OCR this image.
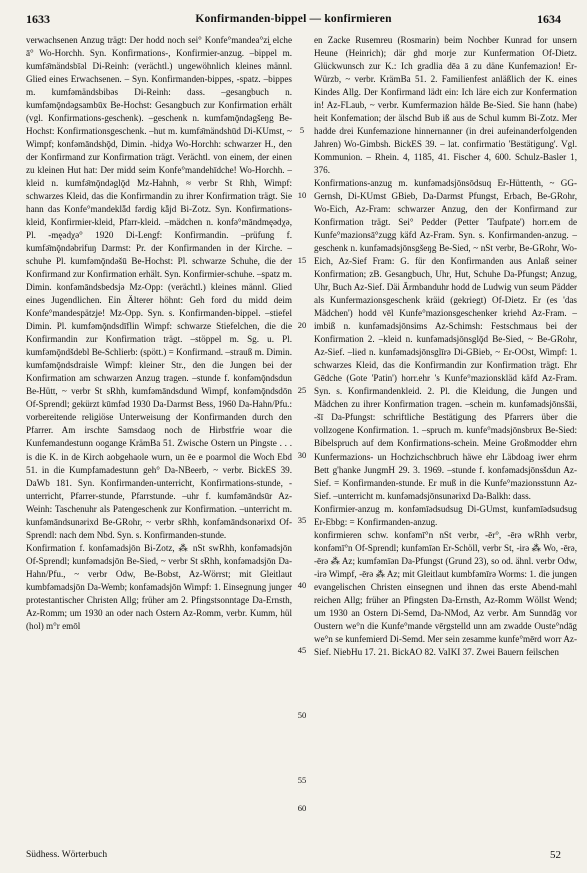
1633	Konfirmanden-bippel — konfirmieren	1634

verwachsenen Anzug trägt: Der hodd noch sei° Konfe°mandea°zi̮ elche ā° Wo-Horchh. Syn. Konfirmations-, Konfirmier-anzug. –bippel m. kumfə̄mändsbīəl Di-Reinh: (verächtl.) ungewöhnlich kleines männl. Glied eines Erwachsenen. – Syn. Konfirmanden-bippes, -spatz. –bippes m. kumfəmändsbibəs Di-Reinh: dass. –gesangbuch n. kumfəmǭndəgsambūx Be-Hochst: Gesangbuch zur Konfirmation erhält (vgl. Konfirmations-geschenk). –geschenk n. kumfəmǭndəgšeŋg Be-Hochst: Konfirmationsgeschenk. –hut m. kumfə̄mändshūd Di-KUmst, ~ Wimpf; konfəmāndshǭd, Dimin. -hidχə Wo-Horchh: schwarzer H., den der Konfirmand zur Konfirmation trägt. Verächtl. von einem, der einen zu kleinen Hut hat: Der midd seim Konfe°mandehīdche! Wo-Horchh. –kleid n. kumfə̄mǭndəglǭd Mz-Hahnh, ≈ verbr St Rhh, Wimpf: schwarzes Kleid, das die Konfirmandin zu ihrer Konfirmation trägt. Sie hann das Konfe°mandeklǟd fərdig kǟjd Bi-Zotz. Syn. Konfirmations-kleid, Konfirmier-kleid, Pfarr-kleid. –mädchen n. konfə°māndmęədχə, Pl. -męədχə° 1920 Di-Lengf: Konfirmandin. –prüfung f. kumfə̄mǭndəbrifuŋ Darmst: Pr. der Konfirmanden in der Kirche. –schuhe Pl. kumfəmǭndəšū Be-Hochst: Pl. schwarze Schuhe, die der Konfirmand zur Konfirmation erhält. Syn. Konfirmier-schuhe. –spatz m. Dimin. konfəmāndsbedsjə Mz-Opp: (verächtl.) kleines männl. Glied eines Jugendlichen. Ein Älterer höhnt: Geh ford du midd deim Konfe°mandespätzje! Mz-Opp. Syn. s. Konfirmanden-bippel. –stiefel Dimin. Pl. kumfəmǭndsdīflin Wimpf: schwarze Stiefelchen, die die Konfirmandin zur Konfirmation trägt. –stöppel m. Sg. u. Pl. kumfəmǭndšdebl Be-Schlierb: (spött.) = Konfirmand. –strauß m. Dimin. kumfəmǭndsdraisle Wimpf: kleiner Str., den die Jungen bei der Konfirmation am schwarzen Anzug tragen. –stunde f. konfəmǭndsdun Be-Hütt, ~ verbr St sRhh, kumfəmāndsdund Wimpf, konfəmǭndsdōn Of-Sprendl; gekürzt kūmfəd 1930 Da-Darmst Bess, 1960 Da-Hahn/Pfu.: vorbereitende religiöse Unterweisung der Konfirmanden durch den Pfarrer. Am irschte Samsdaog noch de Hirbstfrie woar die Kunfemandestunn oogange KrämBa 51. Zwische Ostern un Pingste . . . is die K. in de Kirch aobgehaole wurn, un ēe e poarmol die Woch Ebd 51. in die Kumpfamadestunn geh° Da-NBeerb, ~ verbr. BickES 39. DaWb 181. Syn. Konfirmanden-unterricht, Konfirmations-stunde, -unterricht, Pfarrer-stunde, Pfarrstunde. –uhr f. kumfəmāndsūr Az-Weinh: Taschenuhr als Patengeschenk zur Konfirmation. –unterricht m. kunfəmāndsunərixd Be-GRohr, ~ verbr sRhh, konfəmāndsonərixd Of-Sprendl: nach dem Nbd. Syn. s. Konfirmanden-stunde.

Konfirmation f. konfəmadsjōn Bi-Zotz, ⁂ nSt swRhh, konfəmadsjōn Of-Sprendl; kunfəmadsjōn Be-Sied, ~ verbr St sRhh, konfəmadsjōn Da-Hahn/Pfu., ~ verbr Odw, Be-Bobst, Az-Wörrst; mit Gleitlaut kumbfəmadsjōn Da-Wemb; konfəmadsjōn Wimpf: 1. Einsegnung junger protestantischer Christen Allg; früher am 2. Pfingstsonntage Da-Ernsth, Az-Romm; um 1930 an oder nach Ostern Az-Romm, verbr. Kumm, hül (hol) m°r emōl

5
10
15
20
25
30
35
40
45
50
55
60

en Zacke Rusemreu (Rosmarin) beim Nochber Kunrad for unsern Heune (Heinrich); där ghd morje zur Kunfermation Of-Dietz. Glückwunsch zur K.: Ich gradlia dēa ā zu däne Kunfemazion! Er-Würzb, ~ verbr. KrämBa 51. 2. Familienfest anläßlich der K. eines Kindes Allg. Der Konfirmand lädt ein: Ich läre eich zur Konfermation in! Az-FLaub, ~ verbr. Kumfermazion hälde Be-Sied. Sie hann (habe) heit Konfemation; der älschd Bub iß aus de Schul kumm Bi-Zotz. Mer hadde drei Kunfemazione hinnernanner (in drei aufeinanderfolgenden Jahren) Wo-Gimbsh. BickES 39. – lat. confirmatio 'Bestätigung'. Vgl. Kommunion. – Rhein. 4, 1185, 41. Fischer 4, 600. Schulz-Basler 1, 376.

Konfirmations-anzug m. kunfəmadsjōnsōdsuq Er-Hüttenth, ~ GG-Gernsh, Di-KUmst GBieb, Da-Darmst Pfungst, Erbach, Be-GRohr, Wo-Eich, Az-Fram: schwarzer Anzug, den der Konfirmand zur Konfirmation trägt. Sei° Pedder (Petter 'Taufpate') horr.em de Kunfe°mazionsā°zugg käfd Az-Fram. Syn. s. Konfirmanden-anzug. –geschenk n. kunfəmadsjōnsgšeŋg Be-Sied, ~ nSt verbr, Be-GRohr, Wo-Eich, Az-Sief Fram: G. für den Konfirmanden aus Anlaß seiner Konfirmation; zB. Gesangbuch, Uhr, Hut, Schuhe Da-Pfungst; Anzug, Uhr, Buch Az-Sief. Däi Ārmbanduhr hodd de Ludwig vun seum Pädder als Kunfermazionsgeschenk kräid (gekriegt) Of-Dietz. Er (es 'das Mädchen') hodd vēl Kunfe°mazionsgeschenker kriehd Az-Fram. –imbiß n. kunfəmadsjōnsims Az-Schimsh: Festschmaus bei der Konfirmation 2. –kleid n. kunfəmadsjōnsglǭd Be-Sied, ~ Be-GRohr, Az-Sief. –lied n. kunfəmadsjōnsglīrə Di-GBieb, ~ Er-OOst, Wimpf: 1. schwarzes Kleid, das die Konfirmandin zur Konfirmation trägt. Ehr Gēdche (Gote 'Patin') horr.ehr 's Kunfe°mazionskläd käfd Az-Fram. Syn. s. Konfirmandenkleid. 2. Pl. die Kleidung, die Jungen und Mädchen zu ihrer Konfirmation tragen. –schein m. kunfəmadsjōnsšāi, -šī Da-Pfungst: schriftliche Bestätigung des Pfarrers über die vollzogene Konfirmation. 1. –spruch m. kunfe°madsjōnsbrux Be-Sied: Bibelspruch auf dem Konfirmations-schein. Meine Großmodder ehrn Kunfermazions- un Hochzichschbruch häwe ehr Läbdoag iwer ehrm Bett g'hanke JungmH 29. 3. 1969. –stunde f. konfəmadsjōnsšdun Az-Sief. = Konfirmanden-stunde. Er muß in die Kunfe°mazionsstunn Az-Sief. –unterricht m. kunfəmadsjōnsunərixd Da-Balkh: dass.

Konfirmier-anzug m. konfəmīədsudsug Di-GUmst, kunfəmīədsudsug Er-Ebbg: = Konfirmanden-anzug.

konfirmieren schw. konfəmī°n nSt verbr, -ēr°, -ērə wRhh verbr, konfəmī°n Of-Sprendl; kunfəmīən Er-Schöll, verbr St, -irə ⁂ Wo, -ērə, -ērə ⁂ Az; kumfəmīən Da-Pfungst (Grund 23), so od. ähnl. verbr Odw, -irə Wimpf, -ērə ⁂ Az; mit Gleitlaut kumbfəmīrə Worms: 1. die jungen evangelischen Christen einsegnen und ihnen das erste Abend-mahl reichen Allg; früher an Pfingsten Da-Ernsth, Az-Romm Wöllst Wend; um 1930 an Ostern Di-Semd, Da-NMod, Az verbr. Am Sunndāg vor Oustern we°n die Kunfe°mande vērgstelld unn am zwadde Ouste°ndāg we°n se kunfemierd Di-Semd. Mer sein zesamme kunfe°mērd worr Az-Sief. NiebHu 17. 21. BickAO 82. VaIKI 37. Zwei Bauern feilschen

Südhess. Wörterbuch	52
